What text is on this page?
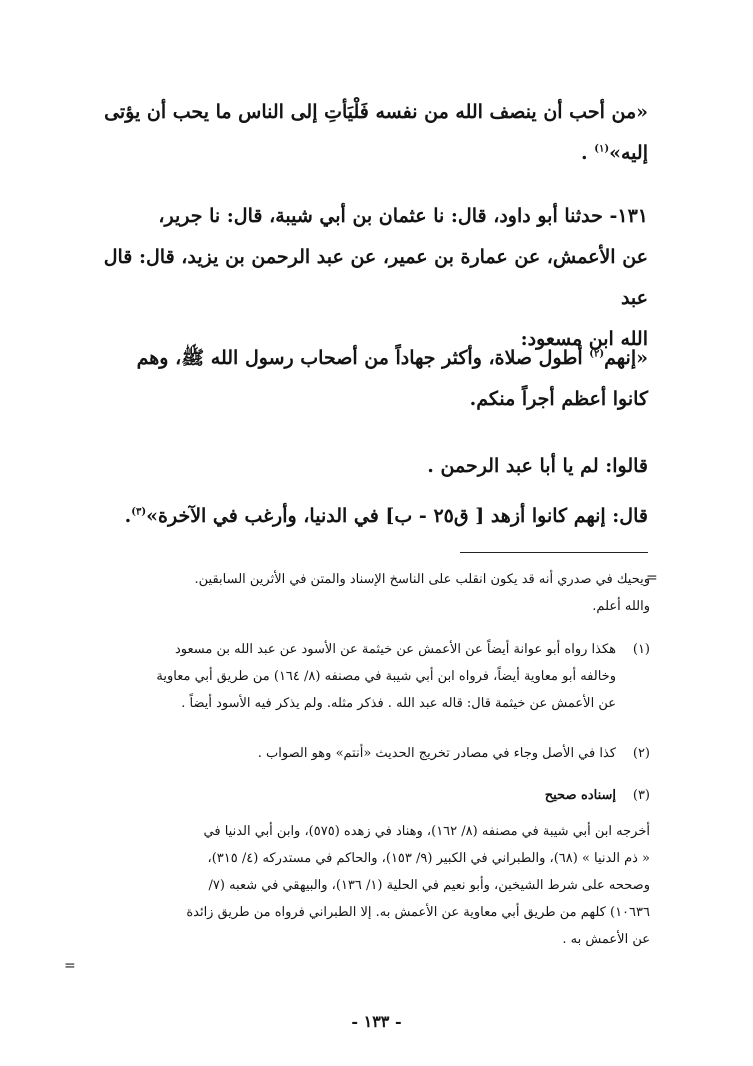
«من أحب أن ينصف الله من نفسه فَلْيَأتِ إلى الناس ما يحب أن يؤتى
إليه»$^{(١)}$ .
١٣١- حدثنا أبو داود، قال: نا عثمان بن أبي شيبة، قال: نا جرير،
عن الأعمش، عن عمارة بن عمير، عن عبد الرحمن بن يزيد، قال: قال عبد
الله ابن مسعود:
«إنهم$^{(٢)}$ أطول صلاة، وأكثر جهاداً من أصحاب رسول الله ﷺ، وهم
كانوا أعظم أجراً منكم.
قالوا: لم يا أبا عبد الرحمن .
قال: إنهم كانوا أزهد [ ق٢٥ - ب] في الدنيا، وأرغب في الآخرة»$^{(٣)}$.
=
ويحيك في صدري أنه قد يكون انقلب على الناسخ الإسناد والمتن في الأثرين السابقين.
والله أعلم.
(١)
هكذا رواه أبو عوانة أيضاً عن الأعمش عن خيثمة عن الأسود عن عبد الله بن مسعود
وخالفه أبو معاوية أيضاً، فرواه ابن أبي شيبة في مصنفه (٨/ ١٦٤) من طريق أبي معاوية
عن الأعمش عن خيثمة قال: قاله عبد الله . فذكر مثله. ولم يذكر فيه الأسود أيضاً .
(٢)
كذا في الأصل وجاء في مصادر تخريج الحديث «أنتم» وهو الصواب .
(٣)
إسناده صحيح
أخرجه ابن أبي شيبة في مصنفه (٨/ ١٦٢)، وهناد في زهده (٥٧٥)، وابن أبي الدنيا في
« ذم الدنيا » (٦٨)، والطبراني في الكبير (٩/ ١٥٣)، والحاكم في مستدركه (٤/ ٣١٥)،
وصححه على شرط الشيخين، وأبو نعيم في الحلية (١/ ١٣٦)، والبيهقي في شعبه (٧/
١٠٦٣٦) كلهم من طريق أبي معاوية عن الأعمش به. إلا الطبراني فرواه من طريق زائدة
عن الأعمش به .
=
- ١٣٣ -
